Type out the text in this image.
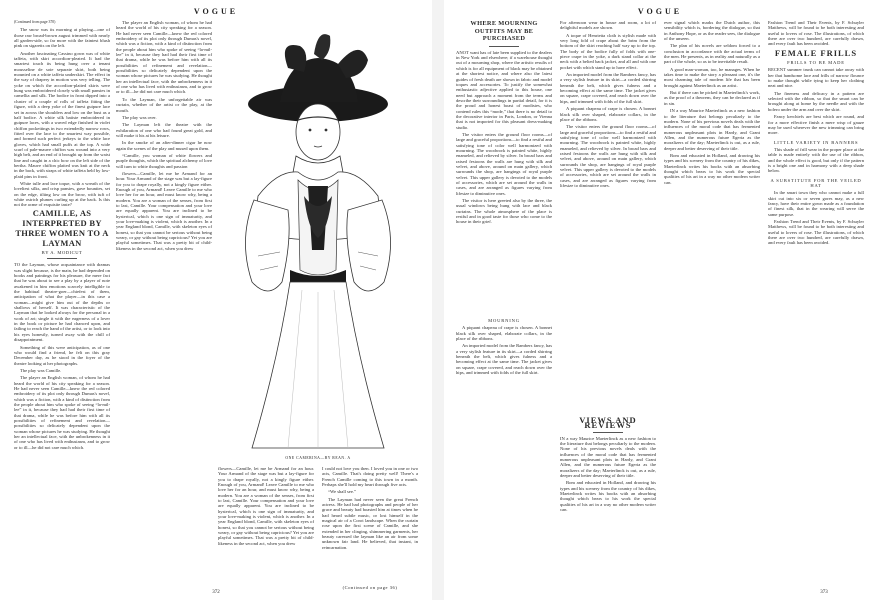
VOGUE

(Continued from page 370)

The snow was its morning at playing—one of those raw broad-brown august trimmed with nearly all garden-side, so far more with the faintest blush pink on sigaretts on the left.

Another fascinating Cassino gown was of white taffeta, with skirt accordion-pleated. It had the smartest touch its being hung over a tenant mousseline de soie separate skirt, both being mounted on a white taffeta underskirt. The effect in the way of drapery in motion was very telling. The yoke on which the accordion-plaited skirts were hung was embroidered closely with small pansies in camellia and silk. The bodice in front dipped into a cluster of a couple of rolls of taffeta fitting the figure, with a deep yoke of the finest guipure lace set in across the shoulders and low on the bust as a half bodice. A white silk batiste embroidered in guipure laces, with a waved edge finished in violet chiffon pockettings in two extendedly narrow rows, fitted over the lace to the smartest way possible, and formed such perfect jerkeys to the white lace gloves, which had small puffs at the top. A wide scarf of pale-mauve chiffon was wound into a very high belt, and an end of it brought up from the waist line and caught in a chic bow on the left side of the bertha. Mauve chiffon plaited was knit at the neck in the back, with straps of white taffeta held by low-plaid pins in front.

White tulle and lace toque, with a wreath of the loveliest silks, and crisp pansies, gave bounties, set on the edge, tilting low on the brow, with tuft of white ostrich plumes curling up at the back. Is this not the acme of exquisite taste?

CAMILLE, AS INTERPRETED BY THREE WOMEN TO A LAYMAN
BY A. MODICUT

TO the Layman, whose acquaintance with dramas was slight because, is the main, he had depended on books and paintings for his pleasure, the mere fact that he was about to see a play by a player of note awakened in him emotions scarcely intelligible to the habitual theatre-goer—chiefest of them, anticipation of what the player—in this case a woman—might give him out of the depths or shallows of herself. It was characteristic of the Layman that he looked always for the personal in a work of art; single it with the eagerness of a lover in the book or picture he had chanced upon, and failing to reach the hand of the artist, or to look into his eyes honestly, turned away with the chill of disappointment.

Something of this were anticipation, as of one who would find a friend, he felt on this gray December day, as he stood in the foyer of the theatre looking at her photographs.

The play was Camille.

The player an English woman, of whom he had heard the world of his city speaking for a season. He had never seen Camille—knew the red colored embroidery of its plot only through Dumas's novel, which was a fiction, with a kind of distinction from the people about him who spoke of seeing “la-mil-lee” in it, because they had had their first time of that drama, while he was before him with all its possibilities of refinement and revelation—possibilities so delicately dependent upon the woman whose pictures he was studying. He thought her an intellectual face, with the unbrokenness in it of one who has lived with enthusiasm, and to grow or to ill—he did not care much which.

The player an English woman, of whom he had heard the world of his city speaking for a season. He had never seen Camille—knew the red colored embroidery of its plot only through Dumas's novel, which was a fiction, with a kind of distinction from the people about him who spoke of seeing “la-mil-lee” in it, because they had had their first time of that drama, while he was before him with all its possibilities of refinement and revelation—possibilities so delicately dependent upon the woman whose pictures he was studying. He thought her an intellectual face, with the unbrokenness in it of one who has lived with enthusiasm, and to grow or to ill—he did not care much which.

To the Layman, the unforgettable air was curtain, whether of the artist or the play, at the mouth.

The play was over.

The Layman left the theatre with the exhilaration of one who had found great gold, and will make it his at his leisure.

In the smoke of an after-dinner cigar he now again the scenes of the play and mused upon them.

“Camille, you woman of white flowers and purple thoughts, which the spiritual alchemy of love will turn to white thoughts and passion

flowers—Camille, let me be Armand for an hour. Your Armand of the stage was but a lay-figure for you to drape royally, not a kingly figure either. Enough of you, Armand! Leave Camille to me who love her for an hour, and must know why, being a modern. You are a woman of the senses, from first to last, Camille. Your compensation and your love are equally apparent. You are inclined to be hysterical, which is one sign of immaturity, and your love-making is violent, which is another. In a year England blond, Camille, with skeleton eyes of honest, so that you cannot be serious without being weary, or gay without being capricious? Yet you are playful sometimes. That was a pretty bit of child-likeness in the second act, when you drew

ONE CAMERINA—BY REAN. A

flowers—Camille, let me be Armand for an hour. Your Armand of the stage was but a lay-figure for you to drape royally, not a kingly figure either. Enough of you, Armand! Leave Camille to me who love her for an hour, and must know why, being a modern. You are a woman of the senses, from first to last, Camille. Your compensation and your love are equally apparent. You are inclined to be hysterical, which is one sign of immaturity, and your love-making is violent, which is another. In a year England blond, Camille, with skeleton eyes of honest, so that you cannot be serious without being weary, or gay without being capricious? Yet you are playful sometimes. That was a pretty bit of child-likeness in the second act, when you drew

I could not love you then. I loved you in one or two acts, Camille. That's doing pretty well! There's a French Camille coming to this town in a month. Perhaps she'll hold my heart through five acts.

“We shall see.”

The Layman had never seen the great French actress. He had had photographs and people of her grace and beauty had boasted him at times when he had heard subtle music, or lost himself in the magical air of a Corot landscape. When the curtain rose upon the first scene of Camille, and she extended in her clinging, shimmering garments, her beauty caressed the layman like an air from some unknown fair land. He believed, that instant, in reincarnation.

(Continued on page 36)
372
VOGUE
WHERE MOURNING OUTFITS MAY BE PURCHASED

ANOT want has of late been supplied to the dealers in New York and elsewhere; if a warehouse thought out of a mourning shop, where the artistic results of which is for all equipment of black may be obtained at the shortest notice, and where also the latest guides of fresh death are shown in fabric and model toques and accessories. To justify the somewhat enthusiastic adjective applied to this house, one need but approach a moment from the terms and describe their surroundings in partial detail, for it is the proud and honest boast of modistes, who contend rules this “mode,” that there is no detail to the decorative interior in Paris, London, or Vienna that is not imported for this pleasant dress-making studio.

The visitor enters the ground floor rooms—of large and graceful proportions—to find a restful and satisfying tone of color well harmonized with mourning. The woodwork is painted white, highly enameled, and relieved by silver. In broad bars and raised festoons the walls are hung with silk and velvet, and above, around on main gallery, which surrounds the shop, are hangings of royal purple velvet. This upper gallery is devoted to the models of accessories, which are set around the walls in cases, and are arranged as figures varying from lifesize to diminutive ones.

The visitor is here greeted also by the three, the usual windows being hung with lace and black curtains. The whole atmosphere of the place is restful and in good taste for those who come to the house in their grief.

MOURNING

A piquant chapeau of crape is chosen. A bonnet black silk over shaped, elaborate collars, in the place of the ribbons.

An imported model from the Rambers fancy, has a very stylish feature in its skirt—a corded shirring beneath the belt, which gives fulness and a becoming effect at the same time. The jacket gives on square, crape covered, and reach down over the hips, and trimmed with folds of the full skirt.

For afternoon wear in house and room, a lot of delightful models are shown.

A toque of Henrietta cloth is stylish made with very long fold of crape about the brim from the bottom of the skirt reaching half way up to the top. The body of the bodice fully of folds with one-piece crape in the yoke, a dark stand collar at the neck with a belted back jacket, and all and with one pocket with which stand up to have effect.

An imported model from the Rambers fancy, has a very stylish feature in its skirt—a corded shirring beneath the belt, which gives fulness and a becoming effect at the same time. The jacket gives on square, crape covered, and reach down over the hips, and trimmed with folds of the full skirt.

A piquant chapeau of crape is chosen. A bonnet black silk over shaped, elaborate collars, in the place of the ribbons.

The visitor enters the ground floor rooms—of large and graceful proportions—to find a restful and satisfying tone of color well harmonized with mourning. The woodwork is painted white, highly enameled, and relieved by silver. In broad bars and raised festoons the walls are hung with silk and velvet, and above, around on main gallery, which surrounds the shop, are hangings of royal purple velvet. This upper gallery is devoted to the models of accessories, which are set around the walls in cases, and are arranged as figures varying from lifesize to diminutive ones.

VIEWS AND REVIEWS

IN a way Maurice Maeterlinck as a new fashion to the literature that belongs peculiarly to the modern. None of his previous novels deals with the influences of the moral code that has fermented numerous unpleasant plots in Hardy, and Grant Allen, and the numerous future Egeria as the moralizers of the day; Maeterlinck is out, as a rule, deeper and better deserving of their title.

Bom and educated in Holland, and drawing his types and his scenery from the country of his dikes, Maeterlinck writes his books with an absorbing thought which bears to his work the special qualities of his art in a way no other modern writer can.

ever signal which marks the Dutch author, this sensibility which is, bordering the dialogue, so that in Anthony Hope, or as the reader sees, the dialogue of the unseen.

The plan of his novels are seldom forced to a conclusion in accordance with the actual terms of the men. He presents, as in reality and naturally as a part of the whole, so as to be inevitable result.

A good man-woman, too, he manages. When he takes time to make the story a pleasant one, it's the most charming tale of modern life that has been brought against Maeterlinck as an artist.

But if there can be picked in Maeterlinck's work, as the proof of a theorem, they can be declared as if in sin.

IN a way Maurice Maeterlinck as a new fashion to the literature that belongs peculiarly to the modern. None of his previous novels deals with the influences of the moral code that has fermented numerous unpleasant plots in Hardy, and Grant Allen, and the numerous future Egeria as the moralizers of the day; Maeterlinck is out, as a rule, deeper and better deserving of their title.

Bom and educated in Holland, and drawing his types and his scenery from the country of his dikes, Maeterlinck writes his books with an absorbing thought which bears to his work the special qualities of his art in a way no other modern writer can.

Fashion Trend and Their Events, by F. Schuyler Matthews, will be found to be both interesting and useful to lovers of rose. The illustrations, of which there are over two hundred, are carefully drawn, and every fault has been avoided.

FEMALE FRILLS
FRILLS TO BE MADE

RECENT summer trunk can cannot take away with her that handsome lace and frills of narrow flounce to make thought while tying to keep her clothing neat and nice.

The fineness and delicacy in a pattern are selected with the ribbon, so that the smart can be brought along at home by the needle and with the bolero under the arm and over the skirt.

Fancy kerchiefs are best which are round, and for a more effective finish a mere wisp of gauze may be used wherever the new trimming can bring more.

LITTLE VARIETY IN BANNERS

This shade of frill wear in the proper place at the table is made entirely with the use of the ribbon, and the whole effect is good, but only if the pattern is a bright one and in harmony with a deep shade below.

A SUBSTITUTE FOR THE VEILED HAT

In the smart town they who cannot make a full skirt cut into six or seven gores may, as a new fancy, have their entire gown made as a foundation of finest silk, that in the wearing will serve the same purpose.

Fashion Trend and Their Events, by F. Schuyler Matthews, will be found to be both interesting and useful to lovers of rose. The illustrations, of which there are over two hundred, are carefully drawn, and every fault has been avoided.

373
